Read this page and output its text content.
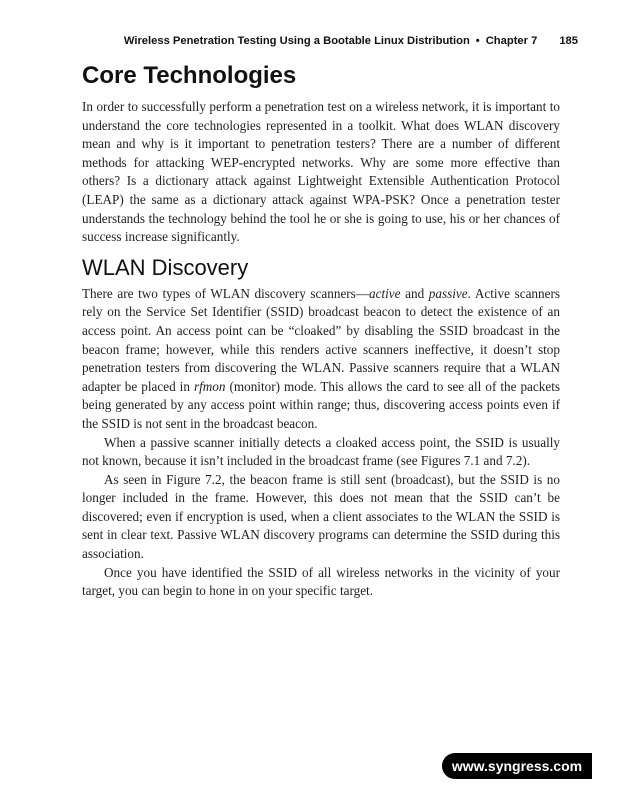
Wireless Penetration Testing Using a Bootable Linux Distribution • Chapter 7 185
Core Technologies

In order to successfully perform a penetration test on a wireless network, it is important to understand the core technologies represented in a toolkit. What does WLAN discovery mean and why is it important to penetration testers? There are a number of different methods for attacking WEP-encrypted networks. Why are some more effective than others? Is a dictionary attack against Lightweight Extensible Authentication Protocol (LEAP) the same as a dictionary attack against WPA-PSK? Once a penetration tester understands the technology behind the tool he or she is going to use, his or her chances of success increase significantly.

WLAN Discovery

There are two types of WLAN discovery scanners—active and passive. Active scanners rely on the Service Set Identifier (SSID) broadcast beacon to detect the existence of an access point. An access point can be “cloaked” by disabling the SSID broadcast in the beacon frame; however, while this renders active scanners ineffective, it doesn’t stop penetration testers from discovering the WLAN. Passive scanners require that a WLAN adapter be placed in rfmon (monitor) mode. This allows the card to see all of the packets being generated by any access point within range; thus, discovering access points even if the SSID is not sent in the broadcast beacon.

When a passive scanner initially detects a cloaked access point, the SSID is usually not known, because it isn’t included in the broadcast frame (see Figures 7.1 and 7.2).

As seen in Figure 7.2, the beacon frame is still sent (broadcast), but the SSID is no longer included in the frame. However, this does not mean that the SSID can’t be discovered; even if encryption is used, when a client associates to the WLAN the SSID is sent in clear text. Passive WLAN discovery programs can determine the SSID during this association.

Once you have identified the SSID of all wireless networks in the vicinity of your target, you can begin to hone in on your specific target.

www.syngress.com
